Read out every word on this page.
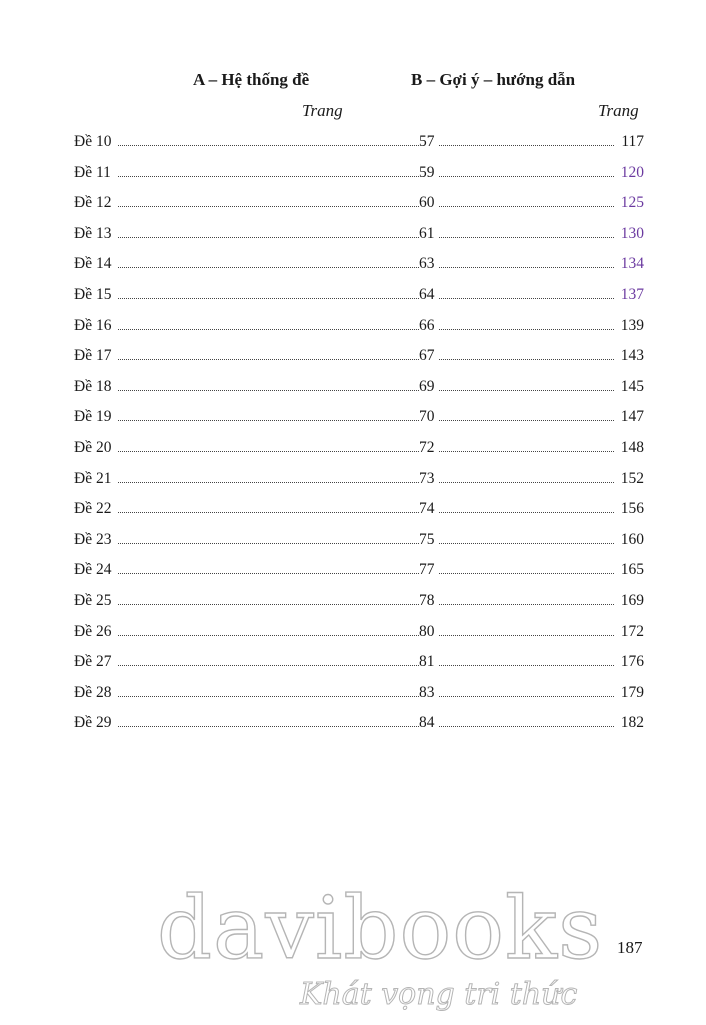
A – Hệ thống đề	B – Gợi ý – hướng dẫn
Trang	Trang
Đề 10	57	117
Đề 11	59	120
Đề 12	60	125
Đề 13	61	130
Đề 14	63	134
Đề 15	64	137
Đề 16	66	139
Đề 17	67	143
Đề 18	69	145
Đề 19	70	147
Đề 20	72	148
Đề 21	73	152
Đề 22	74	156
Đề 23	75	160
Đề 24	77	165
Đề 25	78	169
Đề 26	80	172
Đề 27	81	176
Đề 28	83	179
Đề 29	84	182
187
davibooks
Khát vọng tri thức
